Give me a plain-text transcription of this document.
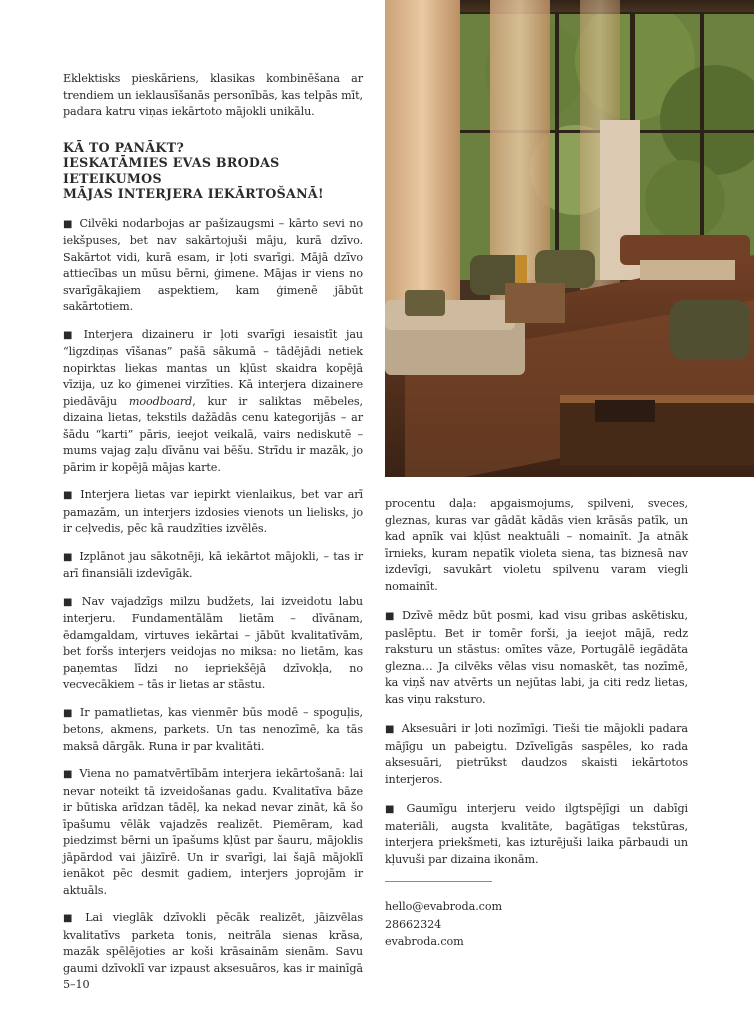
Eklektisks pieskāriens, klasikas kombinēšana ar trendiem un ieklausīšanās personībās, kas telpās mīt, padara katru viņas iekārtoto mājokli unikālu.

KĀ TO PANĀKT?
IESKATĀMIES EVAS BRODAS IETEIKUMOS
MĀJAS INTERJERA IEKĀRTOŠANĀ!

■ Cilvēki nodarbojas ar pašizaugsmi – kārto sevi no iekšpuses, bet nav sakārtojuši māju, kurā dzīvo. Sakārtot vidi, kurā esam, ir ļoti svarīgi. Mājā dzīvo attiecības un mūsu bērni, ģimene. Mājas ir viens no svarīgākajiem aspektiem, kam ģimenē jābūt sakārtotiem.

■ Interjera dizaineru ir ļoti svarīgi iesaistīt jau “ligzdiņas vīšanas” pašā sākumā – tādējādi netiek nopirktas liekas mantas un kļūst skaidra kopējā vīzija, uz ko ģimenei virzīties. Kā interjera dizainere piedāvāju moodboard, kur ir saliktas mēbeles, dizaina lietas, tekstils dažādās cenu kategorijās – ar šādu “karti” pāris, ieejot veikalā, vairs nediskutē – mums vajag zaļu dīvānu vai bēšu. Strīdu ir mazāk, jo pārim ir kopējā mājas karte.

■ Interjera lietas var iepirkt vienlaikus, bet var arī pamazām, un interjers izdosies vienots un lielisks, jo ir ceļvedis, pēc kā raudzīties izvēlēs.

■ Izplānot jau sākotnēji, kā iekārtot mājokli, – tas ir arī finansiāli izdevīgāk.

■ Nav vajadzīgs milzu budžets, lai izveidotu labu interjeru. Fundamentālām lietām – dīvānam, ēdamgaldam, virtuves iekārtai – jābūt kvalitatīvām, bet foršs interjers veidojas no miksa: no lietām, kas paņemtas līdzi no iepriekšējā dzīvokļa, no vecvecākiem – tās ir lietas ar stāstu.

■ Ir pamatlietas, kas vienmēr būs modē – spoguļis, betons, akmens, parkets. Un tas nenozīmē, ka tās maksā dārgāk. Runa ir par kvalitāti.

■ Viena no pamatvērtībām interjera iekārtošanā: lai nevar noteikt tā izveidošanas gadu. Kvalitatīva bāze ir būtiska arīdzan tādēļ, ka nekad nevar zināt, kā šo īpašumu vēlāk vajadzēs realizēt. Piemēram, kad piedzimst bērni un īpašums kļūst par šauru, mājoklis jāpārdod vai jāizīrē. Un ir svarīgi, lai šajā mājoklī ienākot pēc desmit gadiem, interjers joprojām ir aktuāls.

■ Lai vieglāk dzīvokli pēcāk realizēt, jāizvēlas kvalitatīvs parketa tonis, neitrāla sienas krāsa, mazāk spēlējoties ar koši krāsainām sienām. Savu gaumi dzīvoklī var izpaust aksesuāros, kas ir mainīgā 5–10

procentu daļa: apgaismojums, spilveni, sveces, gleznas, kuras var gādāt kādās vien krāsās patīk, un kad apnīk vai kļūst neaktuāli – nomainīt. Ja atnāk īrnieks, kuram nepatīk violeta siena, tas biznesā nav izdevīgi, savukārt violetu spilvenu varam viegli nomainīt.

■ Dzīvē mēdz būt posmi, kad visu gribas askētisku, paslēptu. Bet ir tomēr forši, ja ieejot mājā, redz raksturu un stāstus: omītes vāze, Portugālē iegādāta glezna… Ja cilvēks vēlas visu nomaskēt, tas nozīmē, ka viņš nav atvērts un nejūtas labi, ja citi redz lietas, kas viņu raksturo.

■ Aksesuāri ir ļoti nozīmīgi. Tieši tie mājokli padara mājīgu un pabeigtu. Dzīvelīgās saspēles, ko rada aksesuāri, pietrūkst daudzos skaisti iekārtotos interjeros.

■ Gaumīgu interjeru veido ilgtspējīgi un dabīgi materiāli, augsta kvalitāte, bagātīgas tekstūras, interjera priekšmeti, kas izturējuši laika pārbaudi un kļuvuši par dizaina ikonām.

hello@evabroda.com
28662324
evabroda.com
